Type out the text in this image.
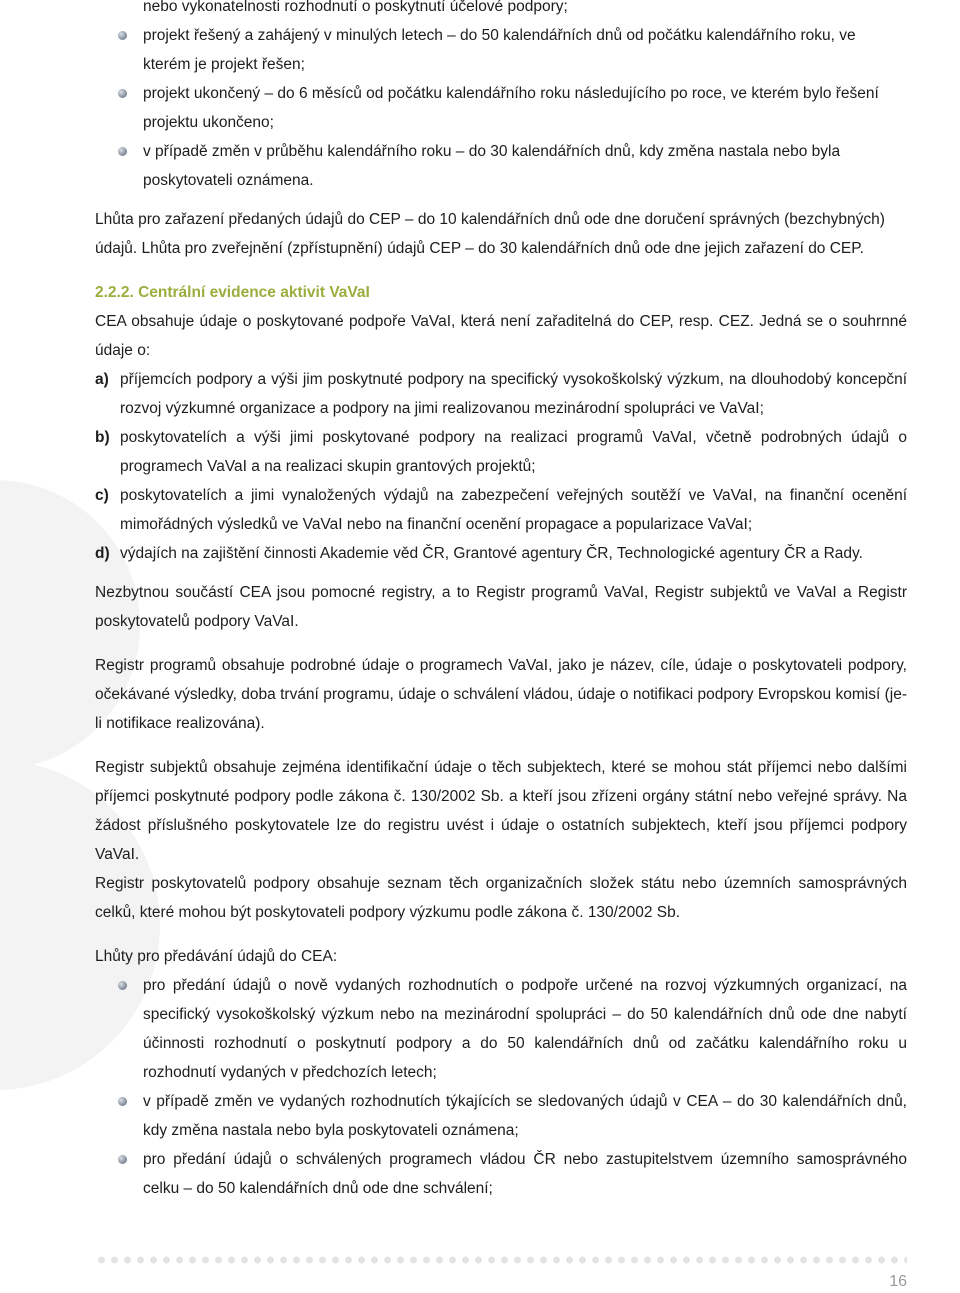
nebo vykonatelnosti rozhodnutí o poskytnutí účelové podpory;
projekt řešený a zahájený v minulých letech – do 50 kalendářních dnů od počátku kalendářního roku, ve kterém je projekt řešen;
projekt ukončený – do 6 měsíců od počátku kalendářního roku následujícího po roce, ve kterém bylo řešení projektu ukončeno;
v případě změn v průběhu kalendářního roku – do 30 kalendářních dnů, kdy změna nastala nebo byla poskytovateli oznámena.

Lhůta pro zařazení předaných údajů do CEP – do 10 kalendářních dnů ode dne doručení správných (bezchybných) údajů. Lhůta pro zveřejnění (zpřístupnění) údajů CEP – do 30 kalendářních dnů ode dne jejich zařazení do CEP.

2.2.2. Centrální evidence aktivit VaVaI

CEA obsahuje údaje o poskytované podpoře VaVaI, která není zařaditelná do CEP, resp. CEZ. Jedná se o souhrnné údaje o:

a) příjemcích podpory a výši jim poskytnuté podpory na specifický vysokoškolský výzkum, na dlouhodobý koncepční rozvoj výzkumné organizace a podpory na jimi realizovanou mezinárodní spolupráci ve VaVaI;
b) poskytovatelích a výši jimi poskytované podpory na realizaci programů VaVaI, včetně podrobných údajů o programech VaVaI a na realizaci skupin grantových projektů;
c) poskytovatelích a jimi vynaložených výdajů na zabezpečení veřejných soutěží ve VaVaI, na finanční ocenění mimořádných výsledků ve VaVaI nebo na finanční ocenění propagace a popularizace VaVaI;
d) výdajích na zajištění činnosti Akademie věd ČR, Grantové agentury ČR, Technologické agentury ČR a Rady.

Nezbytnou součástí CEA jsou pomocné registry, a to Registr programů VaVaI, Registr subjektů ve VaVaI a Registr poskytovatelů podpory VaVaI.

Registr programů obsahuje podrobné údaje o programech VaVaI, jako je název, cíle, údaje o poskytovateli podpory, očekávané výsledky, doba trvání programu, údaje o schválení vládou, údaje o notifikaci podpory Evropskou komisí (je-li notifikace realizována).

Registr subjektů obsahuje zejména identifikační údaje o těch subjektech, které se mohou stát příjemci nebo dalšími příjemci poskytnuté podpory podle zákona č. 130/2002 Sb. a kteří jsou zřízeni orgány státní nebo veřejné správy. Na žádost příslušného poskytovatele lze do registru uvést i údaje o ostatních subjektech, kteří jsou příjemci podpory VaVaI.

Registr poskytovatelů podpory obsahuje seznam těch organizačních složek státu nebo územních samosprávných celků, které mohou být poskytovateli podpory výzkumu podle zákona č. 130/2002 Sb.

Lhůty pro předávání údajů do CEA:

pro předání údajů o nově vydaných rozhodnutích o podpoře určené na rozvoj výzkumných organizací, na specifický vysokoškolský výzkum nebo na mezinárodní spolupráci – do 50 kalendářních dnů ode dne nabytí účinnosti rozhodnutí o poskytnutí podpory a do 50 kalendářních dnů od začátku kalendářního roku u rozhodnutí vydaných v předchozích letech;
v případě změn ve vydaných rozhodnutích týkajících se sledovaných údajů v CEA – do 30 kalendářních dnů, kdy změna nastala nebo byla poskytovateli oznámena;
pro předání údajů o schválených programech vládou ČR nebo zastupitelstvem územního samosprávného celku – do 50 kalendářních dnů ode dne schválení;
16
